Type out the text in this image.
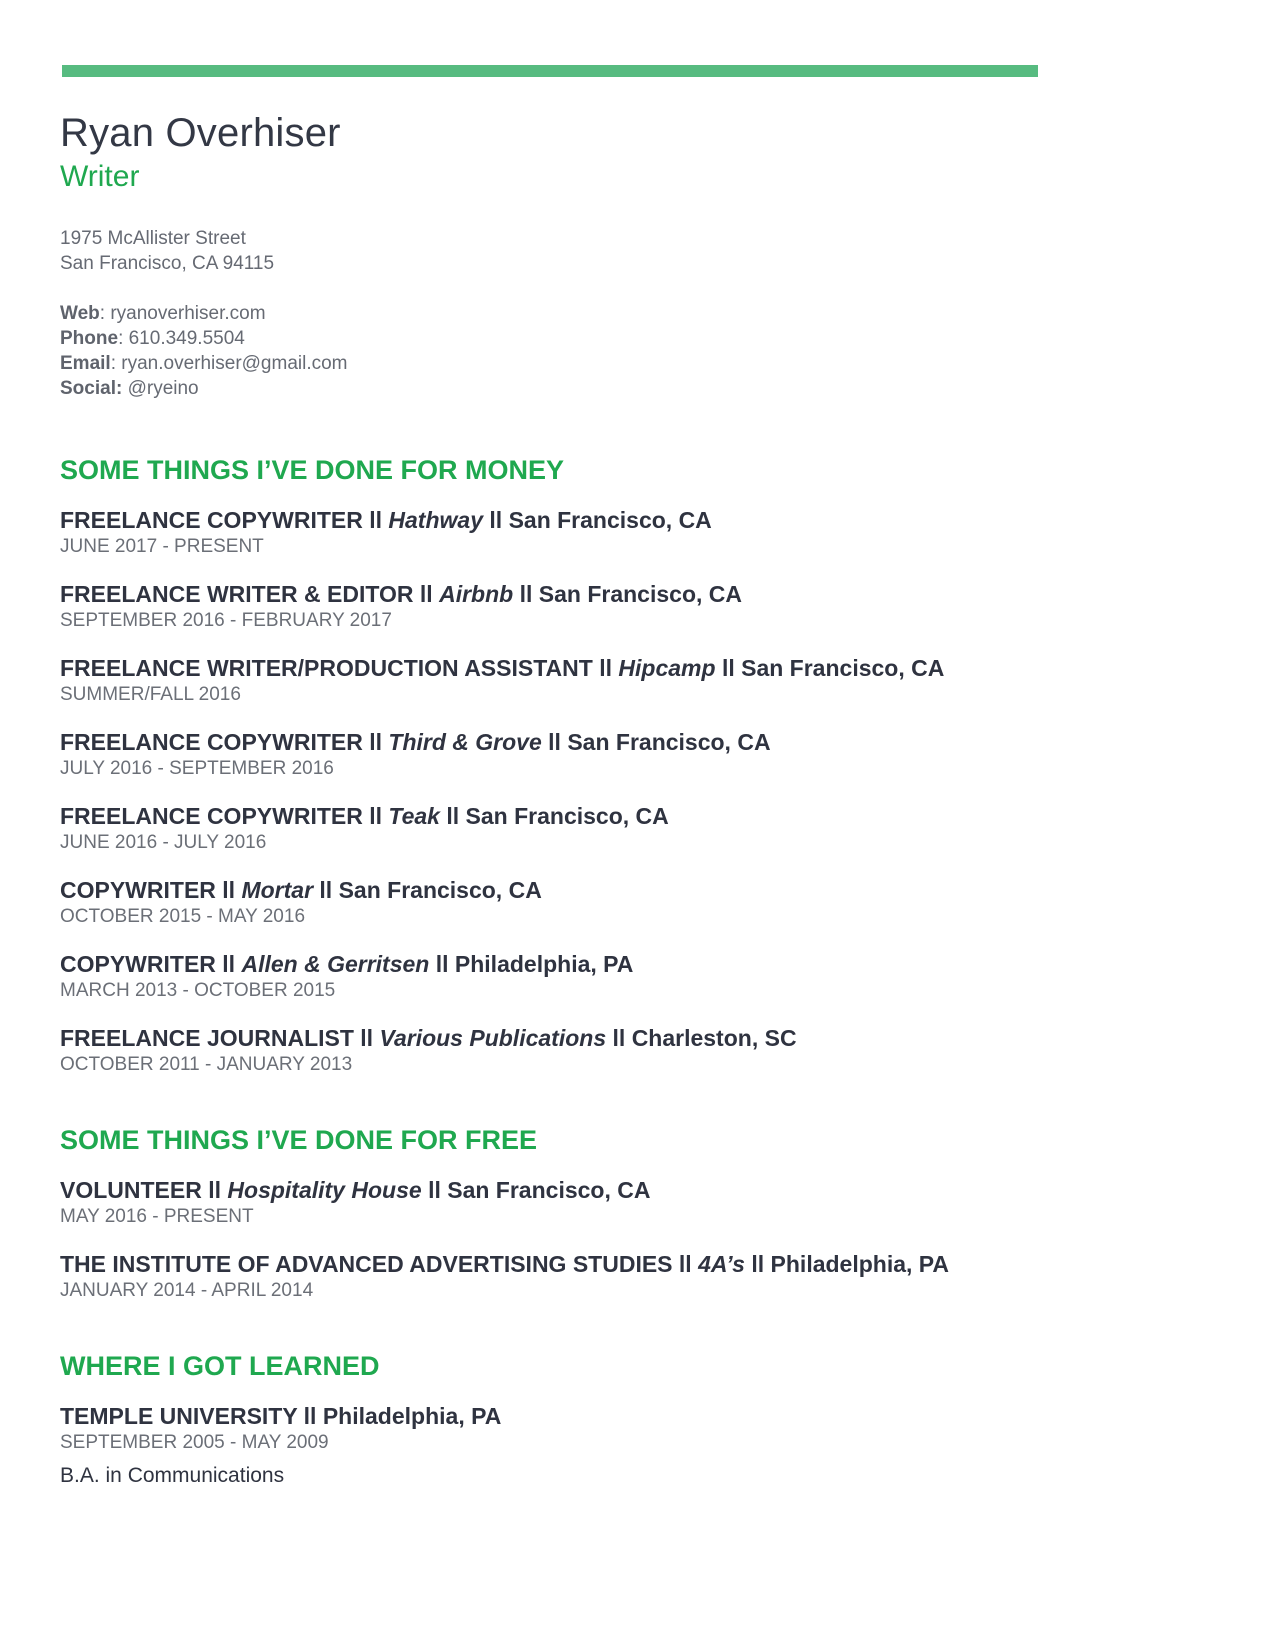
Ryan Overhiser
Writer
1975 McAllister Street
San Francisco, CA 94115
Web: ryanoverhiser.com
Phone: 610.349.5504
Email: ryan.overhiser@gmail.com
Social: @ryeino
SOME THINGS I’VE DONE FOR MONEY
FREELANCE COPYWRITER ll Hathway ll San Francisco, CA
JUNE 2017 - PRESENT
FREELANCE WRITER & EDITOR ll Airbnb ll San Francisco, CA
SEPTEMBER 2016 - FEBRUARY 2017
FREELANCE WRITER/PRODUCTION ASSISTANT ll Hipcamp ll San Francisco, CA
SUMMER/FALL 2016
FREELANCE COPYWRITER ll Third & Grove ll San Francisco, CA
JULY 2016 - SEPTEMBER 2016
FREELANCE COPYWRITER ll Teak ll San Francisco, CA
JUNE 2016 - JULY 2016
COPYWRITER ll Mortar ll San Francisco, CA
OCTOBER 2015 - MAY 2016
COPYWRITER ll Allen & Gerritsen ll Philadelphia, PA
MARCH 2013 - OCTOBER 2015
FREELANCE JOURNALIST ll Various Publications ll Charleston, SC
OCTOBER 2011 - JANUARY 2013
SOME THINGS I’VE DONE FOR FREE
VOLUNTEER ll Hospitality House ll San Francisco, CA
MAY 2016 - PRESENT
THE INSTITUTE OF ADVANCED ADVERTISING STUDIES ll 4A’s ll Philadelphia, PA
JANUARY 2014 - APRIL 2014
WHERE I GOT LEARNED
TEMPLE UNIVERSITY ll Philadelphia, PA
SEPTEMBER 2005 - MAY 2009
B.A. in Communications
